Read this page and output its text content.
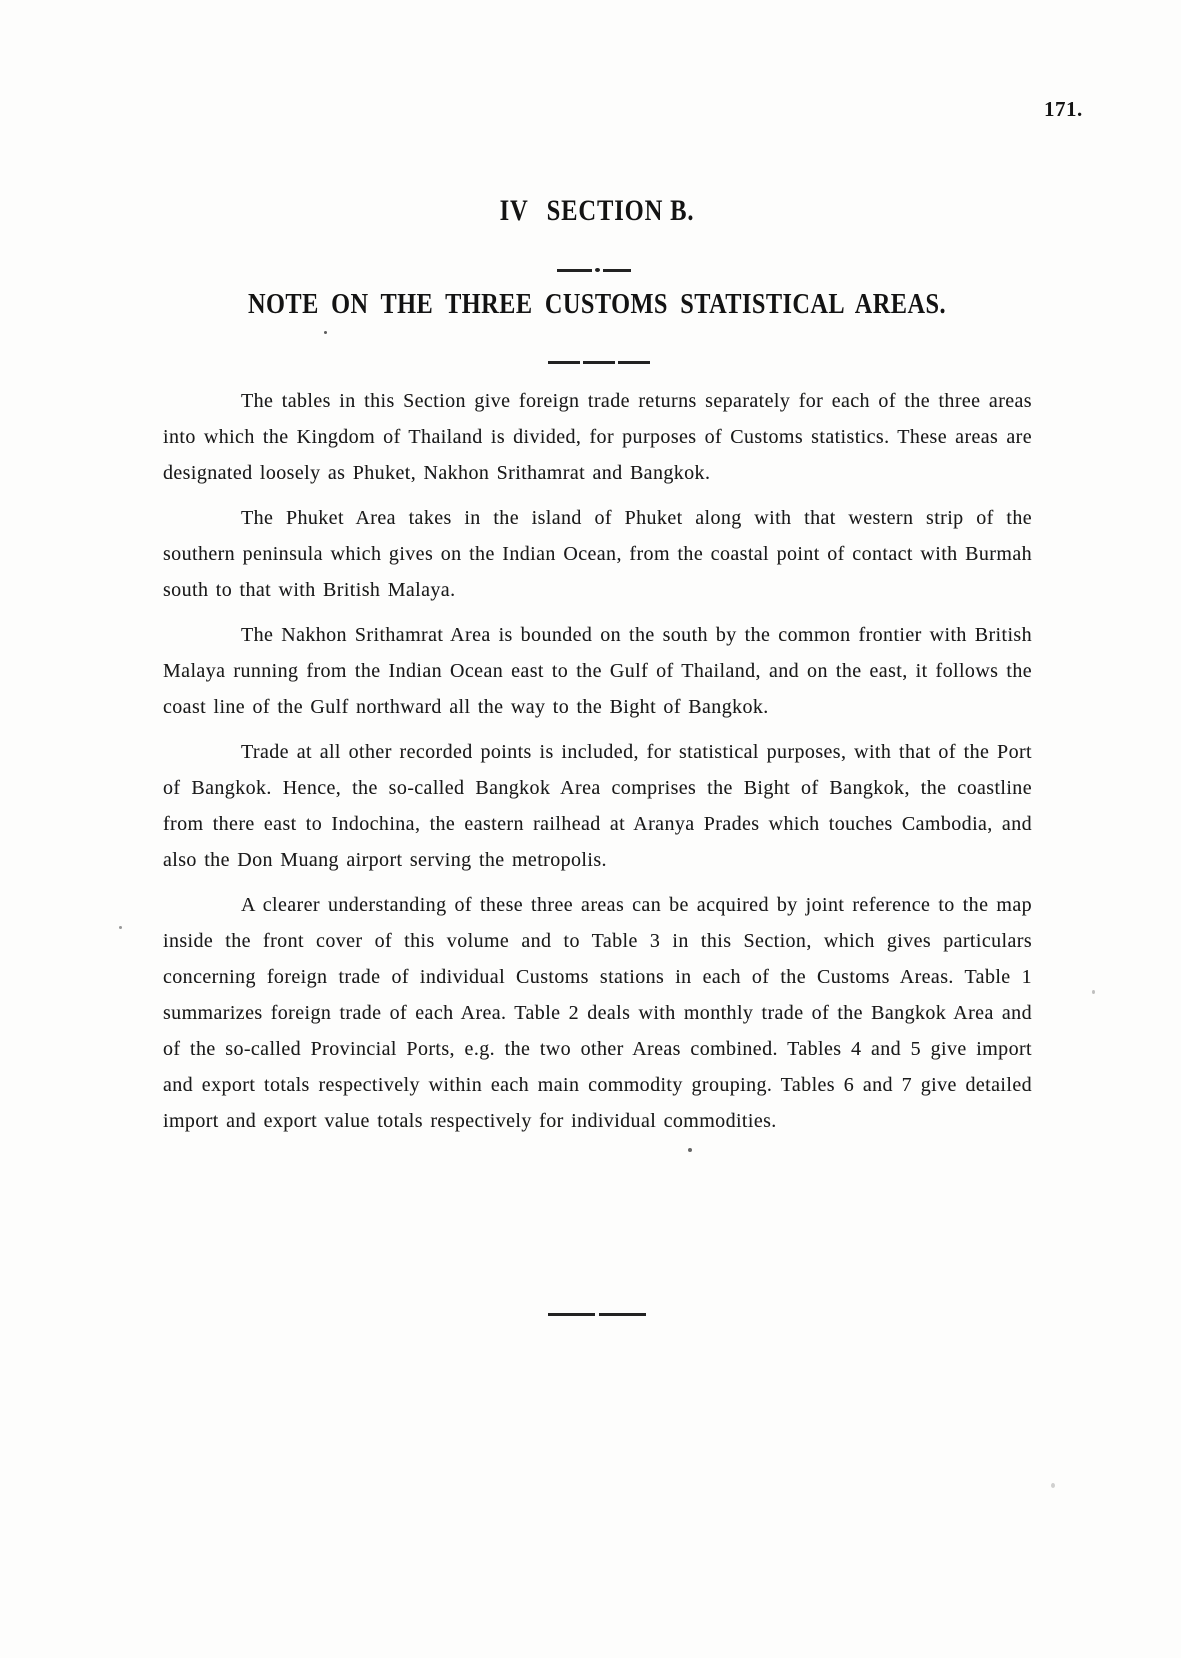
171.
IV SECTION B.
NOTE ON THE THREE CUSTOMS STATISTICAL AREAS.

The tables in this Section give foreign trade returns separately for each of the three areas into which the Kingdom of Thailand is divided, for purposes of Customs statistics. These areas are designated loosely as Phuket, Nakhon Srithamrat and Bangkok.

The Phuket Area takes in the island of Phuket along with that western strip of the southern peninsula which gives on the Indian Ocean, from the coastal point of contact with Burmah south to that with British Malaya.

The Nakhon Srithamrat Area is bounded on the south by the common frontier with British Malaya running from the Indian Ocean east to the Gulf of Thailand, and on the east, it follows the coast line of the Gulf northward all the way to the Bight of Bangkok.

Trade at all other recorded points is included, for statistical purposes, with that of the Port of Bangkok. Hence, the so-called Bangkok Area comprises the Bight of Bangkok, the coastline from there east to Indochina, the eastern railhead at Aranya Prades which touches Cambodia, and also the Don Muang airport serving the metropolis.

A clearer understanding of these three areas can be acquired by joint reference to the map inside the front cover of this volume and to Table 3 in this Section, which gives particulars concerning foreign trade of individual Customs stations in each of the Customs Areas. Table 1 summarizes foreign trade of each Area. Table 2 deals with monthly trade of the Bangkok Area and of the so-called Provincial Ports, e.g. the two other Areas combined. Tables 4 and 5 give import and export totals respectively within each main commodity grouping. Tables 6 and 7 give detailed import and export value totals respectively for individual commodities.
